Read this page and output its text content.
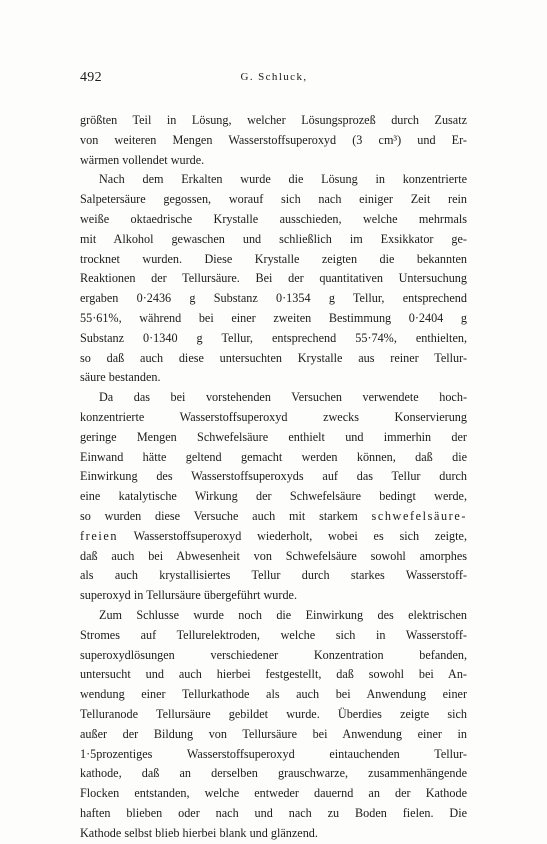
492	G. Schluck,

größten Teil in Lösung, welcher Lösungsprozeß durch Zusatz
von weiteren Mengen Wasserstoffsuperoxyd (3 cm³) und Er-
wärmen vollendet wurde.

Nach dem Erkalten wurde die Lösung in konzentrierte
Salpetersäure gegossen, worauf sich nach einiger Zeit rein
weiße oktaedrische Krystalle ausschieden, welche mehrmals
mit Alkohol gewaschen und schließlich im Exsikkator ge-
trocknet wurden. Diese Krystalle zeigten die bekannten
Reaktionen der Tellursäure. Bei der quantitativen Untersuchung
ergaben 0·2436 g Substanz 0·1354 g Tellur, entsprechend
55·61%, während bei einer zweiten Bestimmung 0·2404 g
Substanz 0·1340 g Tellur, entsprechend 55·74%, enthielten,
so daß auch diese untersuchten Krystalle aus reiner Tellur-
säure bestanden.

Da das bei vorstehenden Versuchen verwendete hoch-
konzentrierte Wasserstoffsuperoxyd zwecks Konservierung
geringe Mengen Schwefelsäure enthielt und immerhin der
Einwand hätte geltend gemacht werden können, daß die
Einwirkung des Wasserstoffsuperoxyds auf das Tellur durch
eine katalytische Wirkung der Schwefelsäure bedingt werde,
so wurden diese Versuche auch mit starkem schwefelsäure-
freien Wasserstoffsuperoxyd wiederholt, wobei es sich zeigte,
daß auch bei Abwesenheit von Schwefelsäure sowohl amorphes
als auch krystallisiertes Tellur durch starkes Wasserstoff-
superoxyd in Tellursäure übergeführt wurde.

Zum Schlusse wurde noch die Einwirkung des elektrischen
Stromes auf Tellurelektroden, welche sich in Wasserstoff-
superoxydlösungen verschiedener Konzentration befanden,
untersucht und auch hierbei festgestellt, daß sowohl bei An-
wendung einer Tellurkathode als auch bei Anwendung einer
Telluranode Tellursäure gebildet wurde. Überdies zeigte sich
außer der Bildung von Tellursäure bei Anwendung einer in
1·5prozentiges Wasserstoffsuperoxyd eintauchenden Tellur-
kathode, daß an derselben grauschwarze, zusammenhängende
Flocken entstanden, welche entweder dauernd an der Kathode
haften blieben oder nach und nach zu Boden fielen. Die
Kathode selbst blieb hierbei blank und glänzend.
